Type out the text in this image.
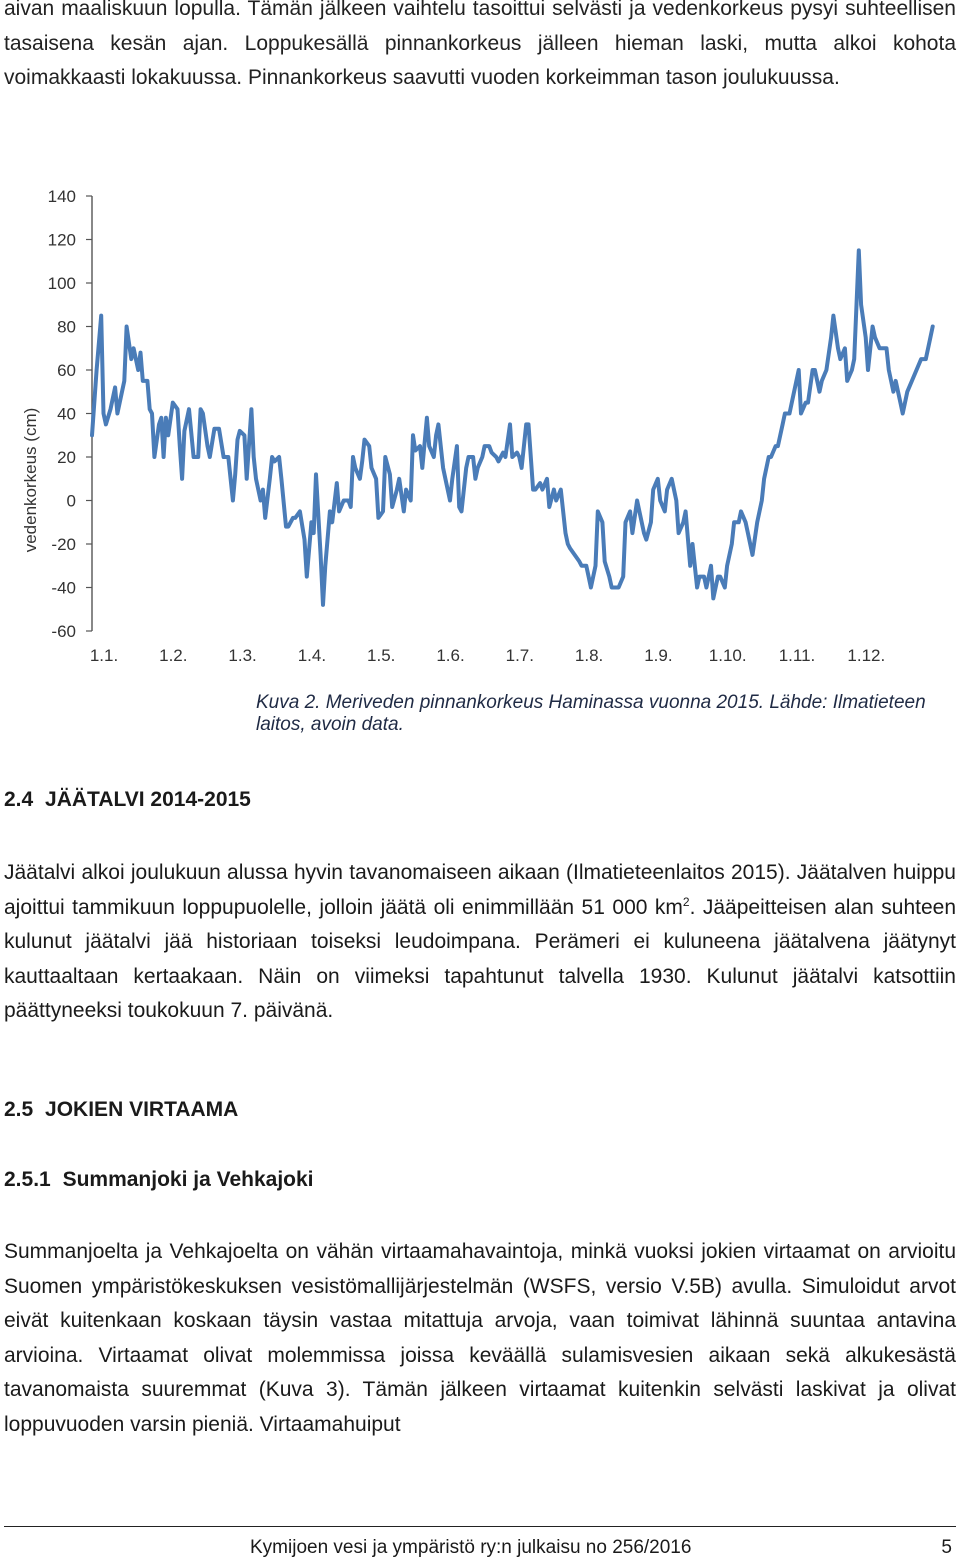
aivan maaliskuun lopulla. Tämän jälkeen vaihtelu tasoittui selvästi ja vedenkorkeus pysyi suhteellisen tasaisena kesän ajan. Loppukesällä pinnankorkeus jälleen hieman laski, mutta alkoi kohota voimakkaasti lokakuussa. Pinnankorkeus saavutti vuoden korkeimman tason joulukuussa.

140
120
100
80
60
40
20
0
-20
-40
-60
1.1. 1.2. 1.3. 1.4. 1.5. 1.6. 1.7. 1.8. 1.9. 1.10. 1.11. 1.12.
vedenkorkeus (cm)

Kuva 2. Meriveden pinnankorkeus Haminassa vuonna 2015. Lähde: Ilmatieteen laitos, avoin data.

2.4 JÄÄTALVI 2014-2015

Jäätalvi alkoi joulukuun alussa hyvin tavanomaiseen aikaan (Ilmatieteenlaitos 2015). Jäätalven huippu ajoittui tammikuun loppupuolelle, jolloin jäätä oli enimmillään 51 000 $km^2$. Jääpeitteisen alan suhteen kulunut jäätalvi jää historiaan toiseksi leudoimpana. Perämeri ei kuluneena jäätalvena jäätynyt kauttaaltaan kertaakaan. Näin on viimeksi tapahtunut talvella 1930. Kulunut jäätalvi katsottiin päättyneeksi toukokuun 7. päivänä.

2.5 JOKIEN VIRTAAMA
2.5.1 Summanjoki ja Vehkajoki

Summanjoelta ja Vehkajoelta on vähän virtaamahavaintoja, minkä vuoksi jokien virtaamat on arvioitu Suomen ympäristökeskuksen vesistömallijärjestelmän (WSFS, versio V.5B) avulla. Simuloidut arvot eivät kuitenkaan koskaan täysin vastaa mitattuja arvoja, vaan toimivat lähinnä suuntaa antavina arvioina. Virtaamat olivat molemmissa joissa keväällä sulamisvesien aikaan sekä alkukesästä tavanomaista suuremmat (Kuva 3). Tämän jälkeen virtaamat kuitenkin selvästi laskivat ja olivat loppuvuoden varsin pieniä. Virtaamahuiput

Kymijoen vesi ja ympäristö ry:n julkaisu no 256/2016	5
